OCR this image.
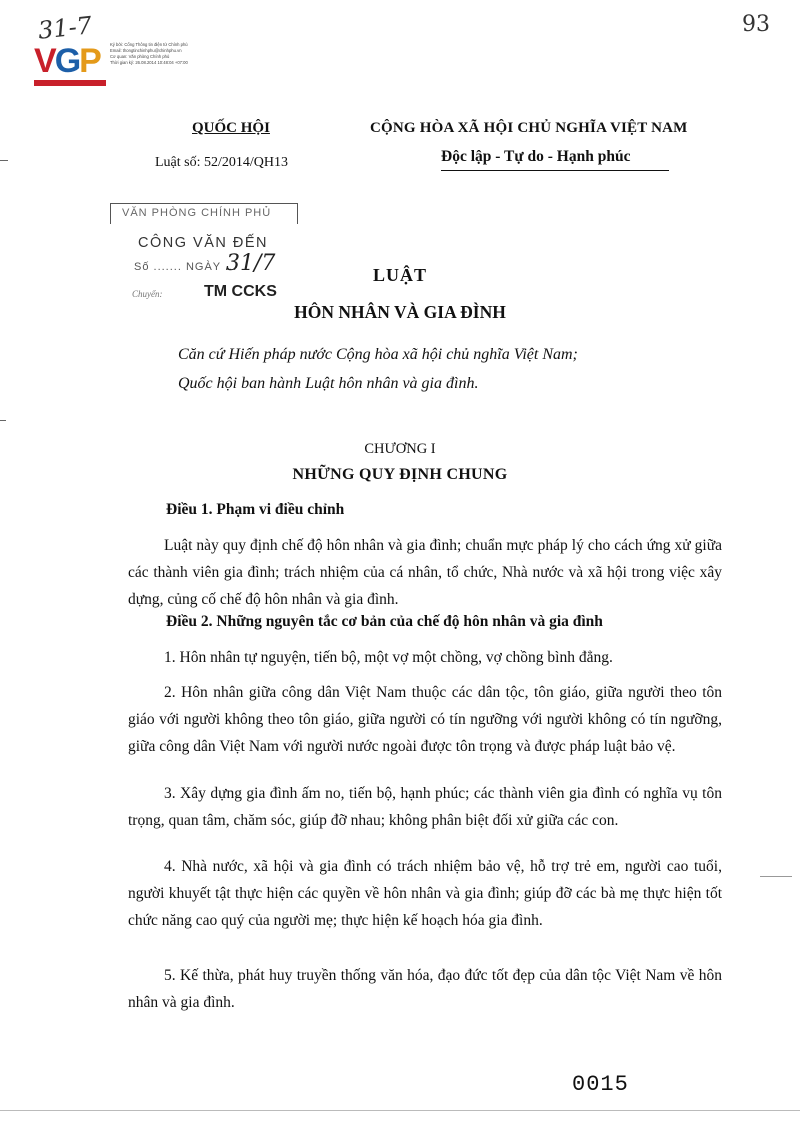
31-7
VGP Ký bởi: Cổng Thông tin điện tử Chính phủ
Email: thongtinchinhphu@chinhphu.vn
Cơ quan: Văn phòng Chính phủ
Thời gian ký: 26.08.2014 10:48:04 +07:00
93
QUỐC HỘI
Luật số: 52/2014/QH13
CỘNG HÒA XÃ HỘI CHỦ NGHĨA VIỆT NAM
Độc lập - Tự do - Hạnh phúc
VĂN PHÒNG CHÍNH PHỦ
CÔNG VĂN ĐẾN
Số ....... NGÀY ...
31/7
Chuyển:	TM CCKS
LUẬT
HÔN NHÂN VÀ GIA ĐÌNH
Căn cứ Hiến pháp nước Cộng hòa xã hội chủ nghĩa Việt Nam;
Quốc hội ban hành Luật hôn nhân và gia đình.
CHƯƠNG I
NHỮNG QUY ĐỊNH CHUNG
Điều 1. Phạm vi điều chỉnh

Luật này quy định chế độ hôn nhân và gia đình; chuẩn mực pháp lý cho cách ứng xử giữa các thành viên gia đình; trách nhiệm của cá nhân, tổ chức, Nhà nước và xã hội trong việc xây dựng, củng cố chế độ hôn nhân và gia đình.

Điều 2. Những nguyên tắc cơ bản của chế độ hôn nhân và gia đình

1. Hôn nhân tự nguyện, tiến bộ, một vợ một chồng, vợ chồng bình đẳng.

2. Hôn nhân giữa công dân Việt Nam thuộc các dân tộc, tôn giáo, giữa người theo tôn giáo với người không theo tôn giáo, giữa người có tín ngưỡng với người không có tín ngưỡng, giữa công dân Việt Nam với người nước ngoài được tôn trọng và được pháp luật bảo vệ.

3. Xây dựng gia đình ấm no, tiến bộ, hạnh phúc; các thành viên gia đình có nghĩa vụ tôn trọng, quan tâm, chăm sóc, giúp đỡ nhau; không phân biệt đối xử giữa các con.

4. Nhà nước, xã hội và gia đình có trách nhiệm bảo vệ, hỗ trợ trẻ em, người cao tuổi, người khuyết tật thực hiện các quyền về hôn nhân và gia đình; giúp đỡ các bà mẹ thực hiện tốt chức năng cao quý của người mẹ; thực hiện kế hoạch hóa gia đình.

5. Kế thừa, phát huy truyền thống văn hóa, đạo đức tốt đẹp của dân tộc Việt Nam về hôn nhân và gia đình.

0015
